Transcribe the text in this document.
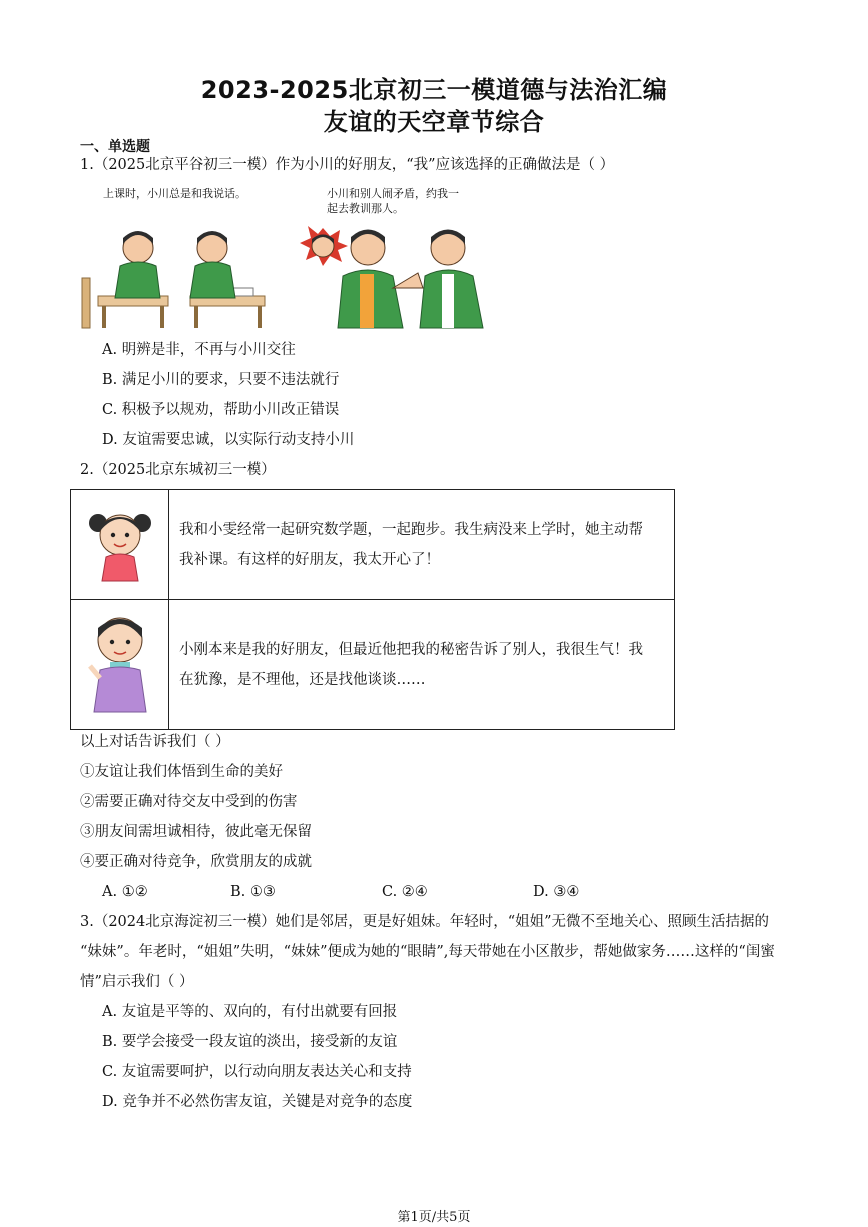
2023-2025北京初三一模道德与法治汇编
友谊的天空章节综合
一、单选题
1.（2025北京平谷初三一模）作为小川的好朋友，“我”应该选择的正确做法是（ ）
上课时，小川总是和我说话。	小川和别人闹矛盾，约我一
起去教训那人。
A. 明辨是非，不再与小川交往
B. 满足小川的要求，只要不违法就行
C. 积极予以规劝，帮助小川改正错误
D. 友谊需要忠诚，以实际行动支持小川
2.（2025北京东城初三一模）

我和小雯经常一起研究数学题，一起跑步。我生病没来上学时，她主动帮
我补课。有这样的好朋友，我太开心了！

小刚本来是我的好朋友，但最近他把我的秘密告诉了别人，我很生气！我
在犹豫，是不理他，还是找他谈谈……
以上对话告诉我们（ ）
①友谊让我们体悟到生命的美好
②需要正确对待交友中受到的伤害
③朋友间需坦诚相待，彼此毫无保留
④要正确对待竞争，欣赏朋友的成就
A. ①②	B. ①③	C. ②④	D. ③④
3.（2024北京海淀初三一模）她们是邻居，更是好姐妹。年轻时，“姐姐”无微不至地关心、照顾生活拮据的
“妹妹”。年老时，“姐姐”失明，“妹妹”便成为她的“眼睛”,每天带她在小区散步，帮她做家务……这样的“闺蜜
情”启示我们（ ）
A. 友谊是平等的、双向的，有付出就要有回报
B. 要学会接受一段友谊的淡出，接受新的友谊
C. 友谊需要呵护，以行动向朋友表达关心和支持
D. 竞争并不必然伤害友谊，关键是对竞争的态度
第1页/共5页
